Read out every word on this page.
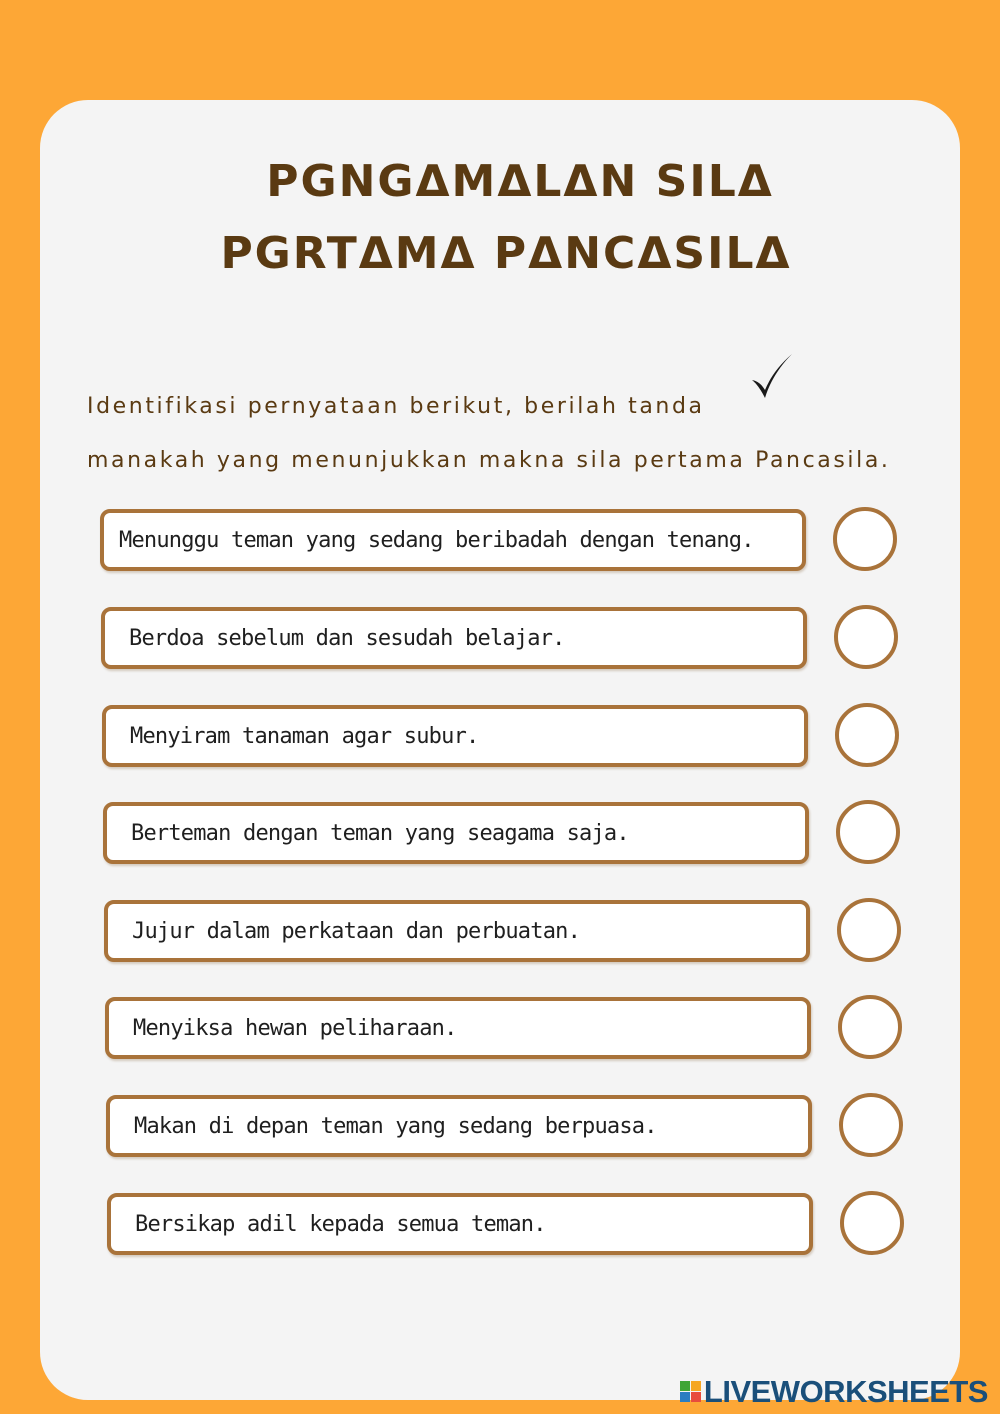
PGNGΔMΔLΔN SILΔ
PGRTΔMΔ PΔNCΔSILΔ

Identifikasi pernyataan berikut, berilah tanda

manakah yang menunjukkan makna sila pertama Pancasila.

Menunggu teman yang sedang beribadah dengan tenang.
Berdoa sebelum dan sesudah belajar.
Menyiram tanaman agar subur.
Berteman dengan teman yang seagama saja.
Jujur dalam perkataan dan perbuatan.
Menyiksa hewan peliharaan.
Makan di depan teman yang sedang berpuasa.
Bersikap adil kepada semua teman.
LIVEWORKSHEETS
